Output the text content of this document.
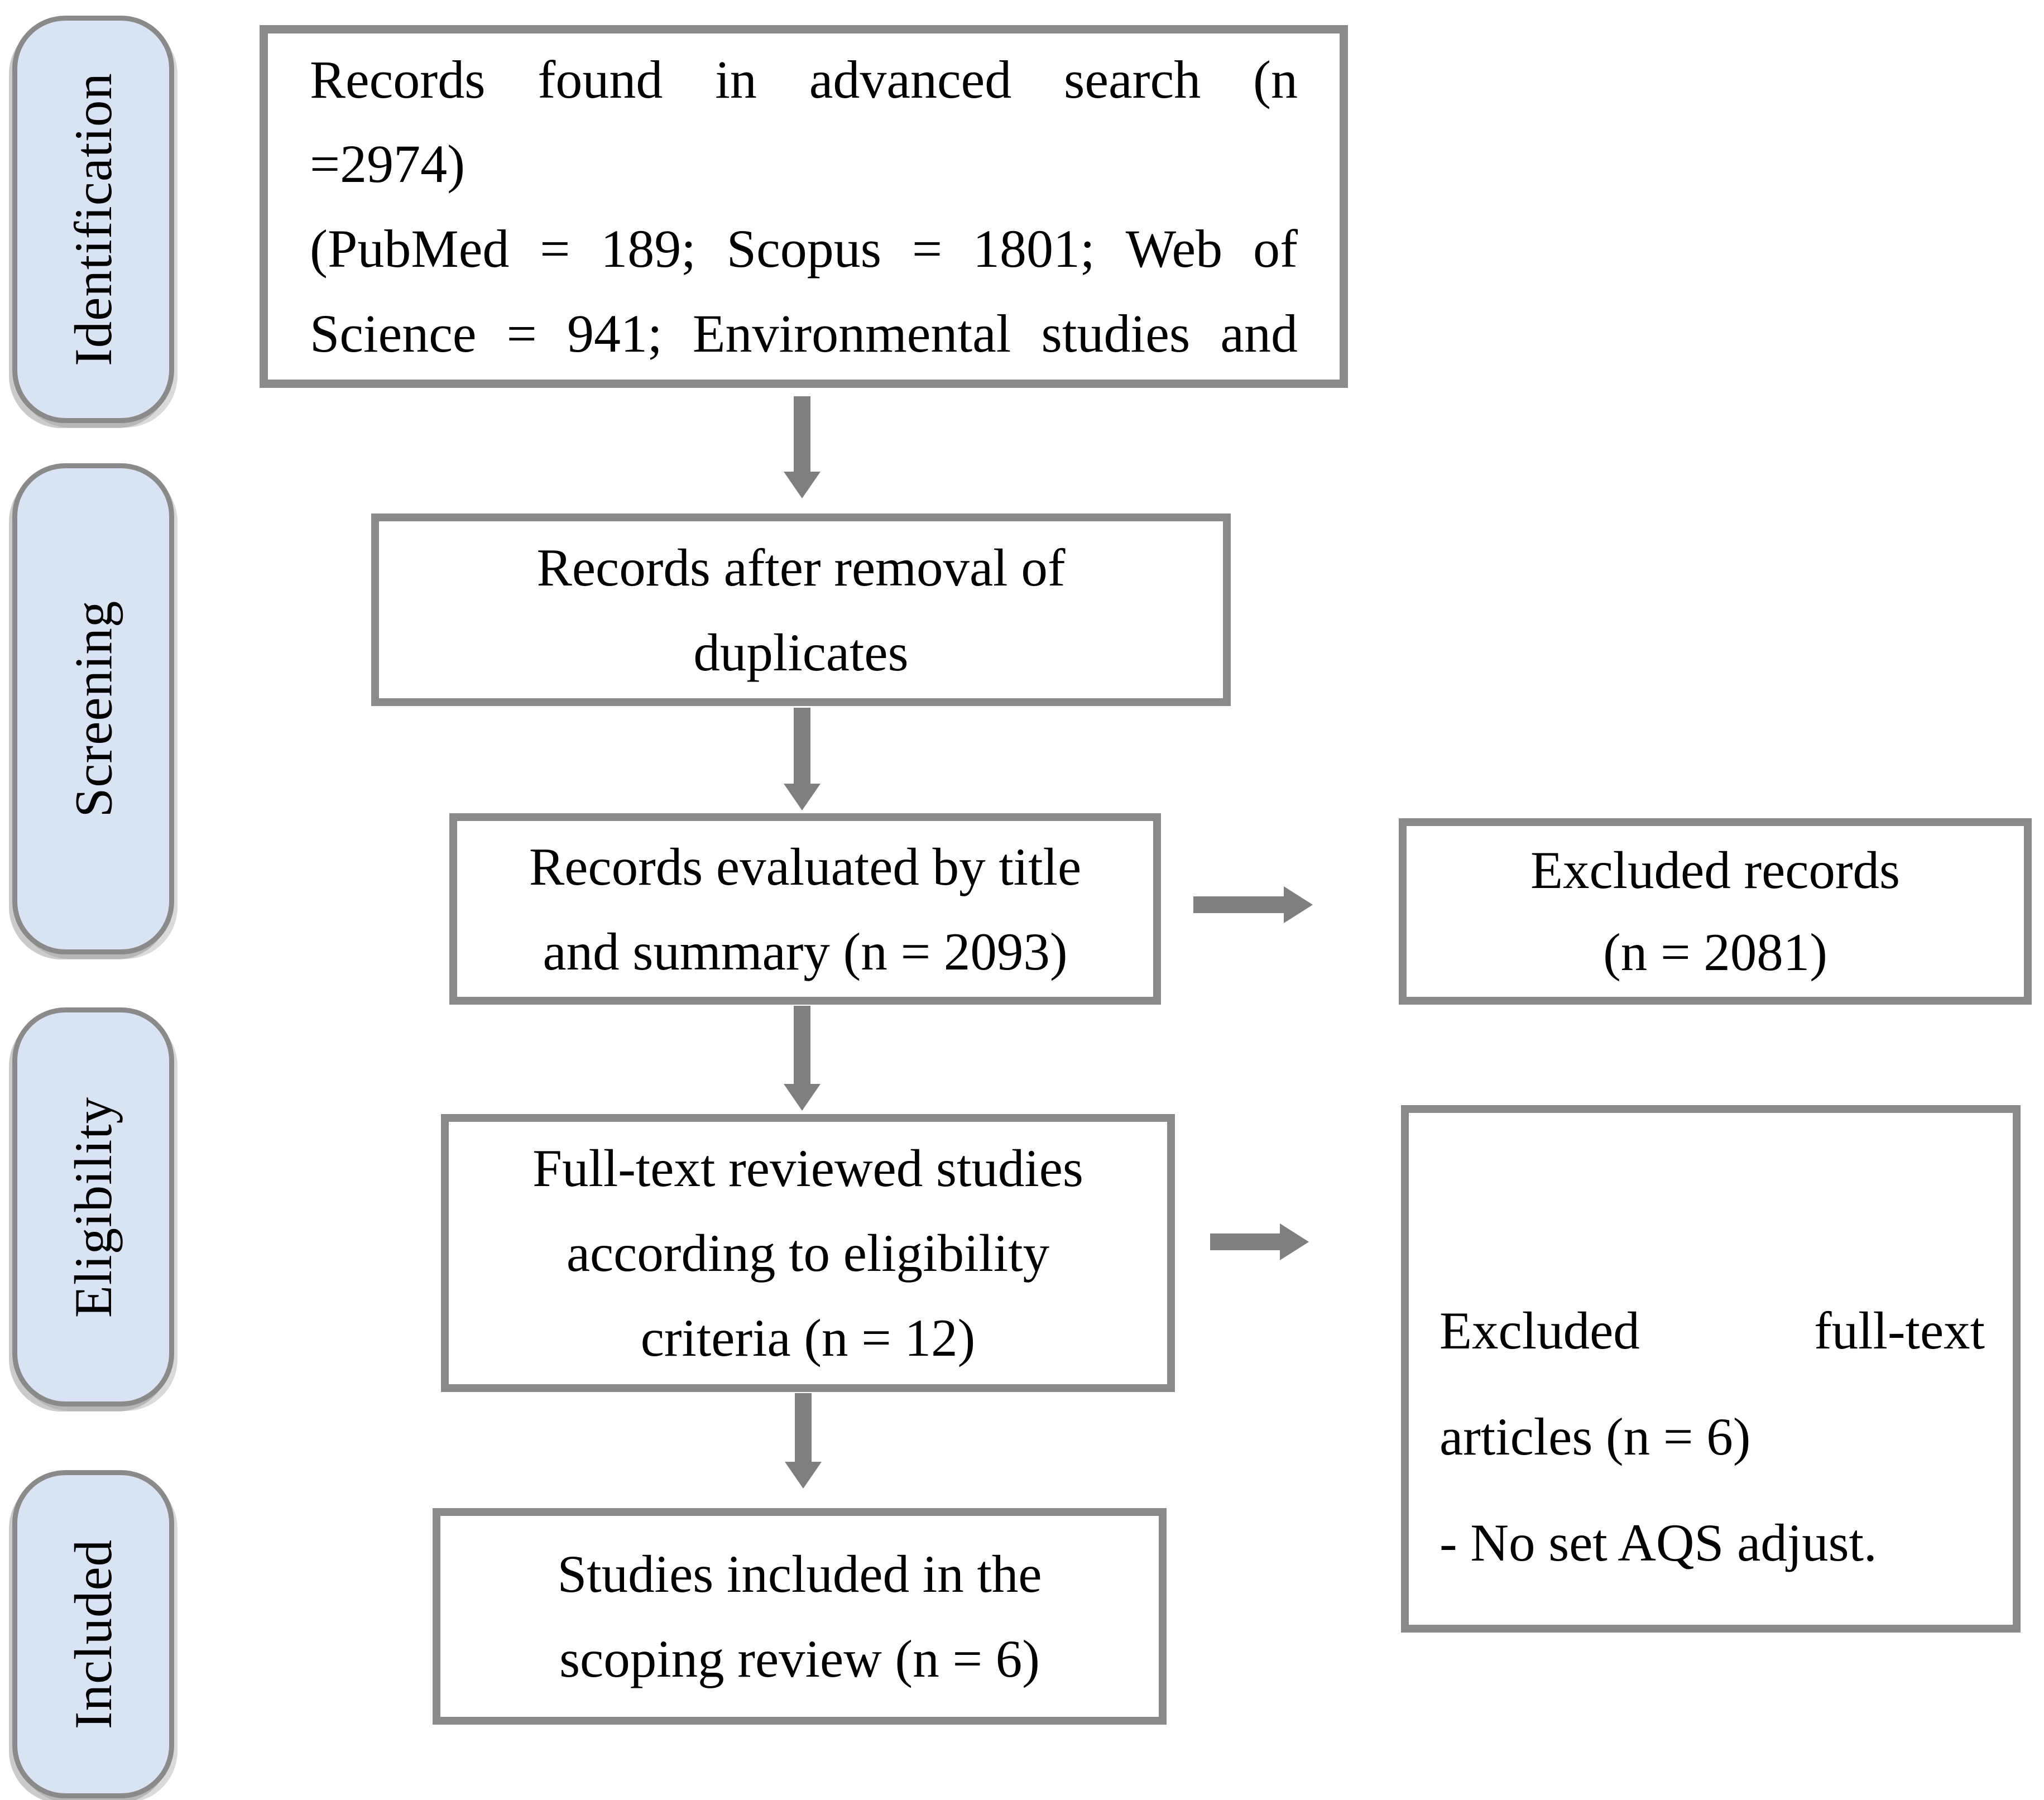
Identification
Screening
Eligibility
Included
Records found in advanced search (n
=2974)
(PubMed = 189; Scopus = 1801; Web of
Science = 941; Environmental studies and
Records after removal of
duplicates
Records evaluated by title
and summary (n = 2093)
Excluded records
(n = 2081)
Full-text reviewed studies
according to eligibility
criteria (n = 12)	Excluded	full-text
articles (n = 6)
- No set AQS adjust.
Studies included in the
scoping review (n = 6)
